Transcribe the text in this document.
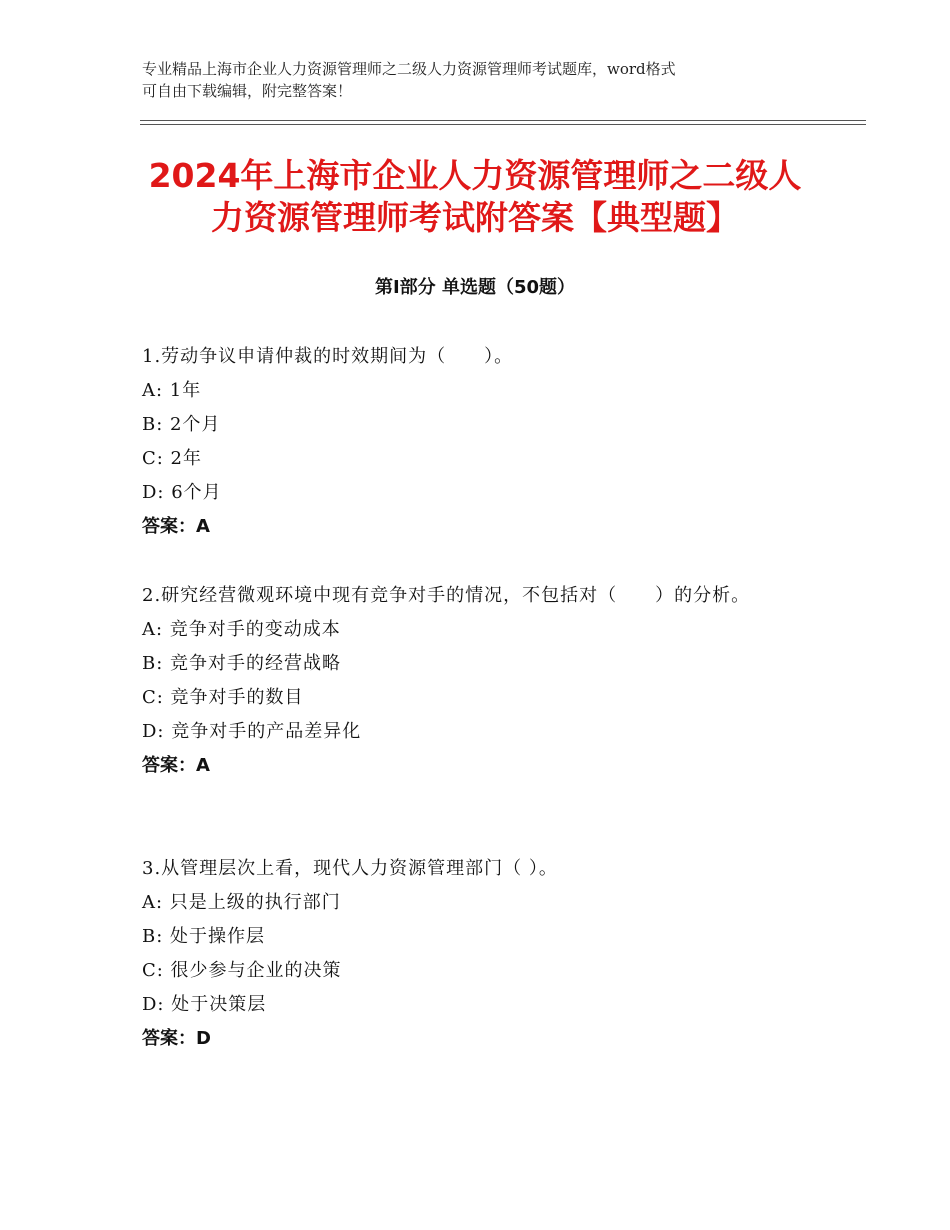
专业精品上海市企业人力资源管理师之二级人力资源管理师考试题库，word格式
可自由下载编辑，附完整答案！
2024年上海市企业人力资源管理师之二级人
力资源管理师考试附答案【典型题】
第Ⅰ部分 单选题（50题）

1.劳动争议申请仲裁的时效期间为（　　）。

A: 1年

B: 2个月

C: 2年

D: 6个月

答案：A

2.研究经营微观环境中现有竞争对手的情况，不包括对（　　）的分析。

A: 竞争对手的变动成本

B: 竞争对手的经营战略

C: 竞争对手的数目

D: 竞争对手的产品差异化

答案：A

3.从管理层次上看，现代人力资源管理部门（ ）。

A: 只是上级的执行部门

B: 处于操作层

C: 很少参与企业的决策

D: 处于决策层

答案：D
